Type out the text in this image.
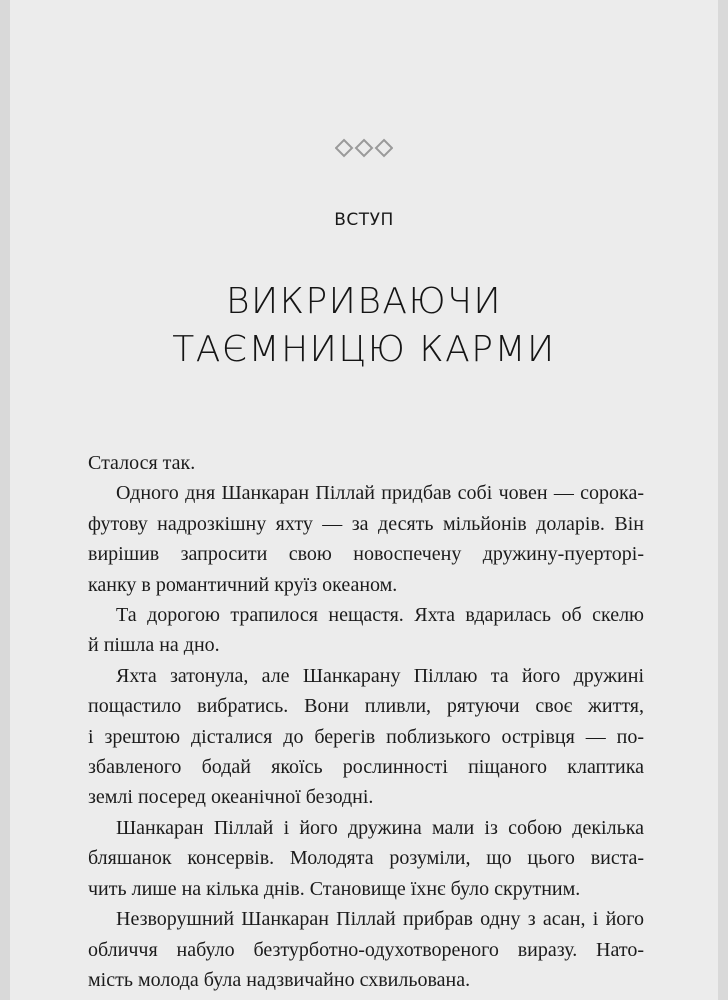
ВСТУП
ВИКРИВАЮЧИ
ТАЄМНИЦЮ КАРМИ

Сталося так.

Одного дня Шанкаран Піллай придбав собі човен — сорока-
футову надрозкішну яхту — за десять мільйонів доларів. Він
вирішив запросити свою новоспечену дружину-пуерторі-
канку в романтичний круїз океаном.

Та дорогою трапилося нещастя. Яхта вдарилась об скелю
й пішла на дно.

Яхта затонула, але Шанкарану Піллаю та його дружині
пощастило вибратись. Вони пливли, рятуючи своє життя,
і зрештою дісталися до берегів поблизького острівця — по-
збавленого бодай якоїсь рослинності піщаного клаптика
землі посеред океанічної безодні.

Шанкаран Піллай і його дружина мали із собою декілька
бляшанок консервів. Молодята розуміли, що цього вистa-
чить лише на кілька днів. Становище їхнє було скрутним.

Незворушний Шанкаран Піллай прибрав одну з асан, і його
обличчя набуло безтурботно-одухотвореного виразу. Нато-
мість молода була надзвичайно схвильована.
